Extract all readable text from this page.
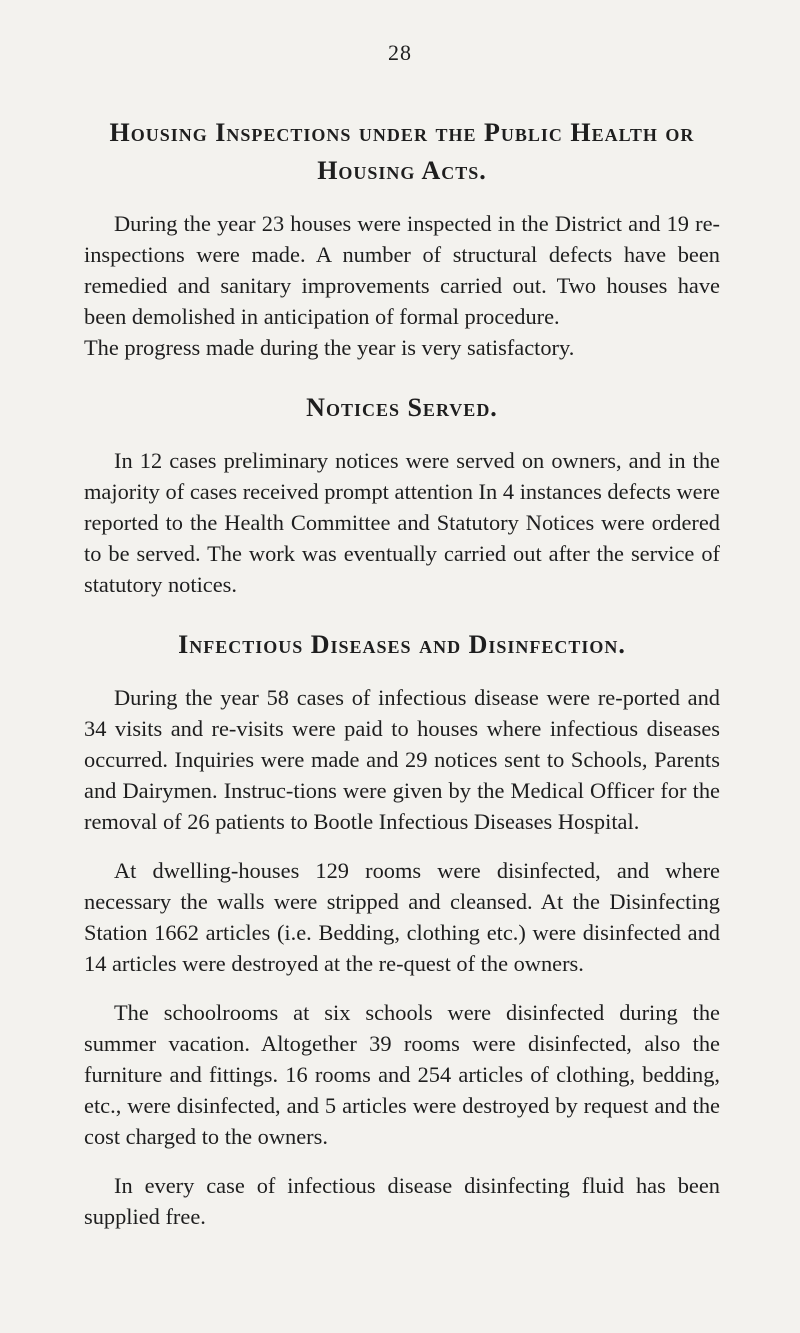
28
Housing Inspections under the Public Health or Housing Acts.

During the year 23 houses were inspected in the District and 19 re-inspections were made. A number of structural defects have been remedied and sanitary improvements carried out. Two houses have been demolished in anticipation of formal procedure.

The progress made during the year is very satisfactory.

Notices Served.

In 12 cases preliminary notices were served on owners, and in the majority of cases received prompt attention In 4 instances defects were reported to the Health Committee and Statutory Notices were ordered to be served. The work was eventually carried out after the service of statutory notices.

Infectious Diseases and Disinfection.

During the year 58 cases of infectious disease were re-ported and 34 visits and re-visits were paid to houses where infectious diseases occurred. Inquiries were made and 29 notices sent to Schools, Parents and Dairymen. Instruc-tions were given by the Medical Officer for the removal of 26 patients to Bootle Infectious Diseases Hospital.

At dwelling-houses 129 rooms were disinfected, and where necessary the walls were stripped and cleansed. At the Disinfecting Station 1662 articles (i.e. Bedding, clothing etc.) were disinfected and 14 articles were destroyed at the re-quest of the owners.

The schoolrooms at six schools were disinfected during the summer vacation. Altogether 39 rooms were disinfected, also the furniture and fittings. 16 rooms and 254 articles of clothing, bedding, etc., were disinfected, and 5 articles were destroyed by request and the cost charged to the owners.

In every case of infectious disease disinfecting fluid has been supplied free.
